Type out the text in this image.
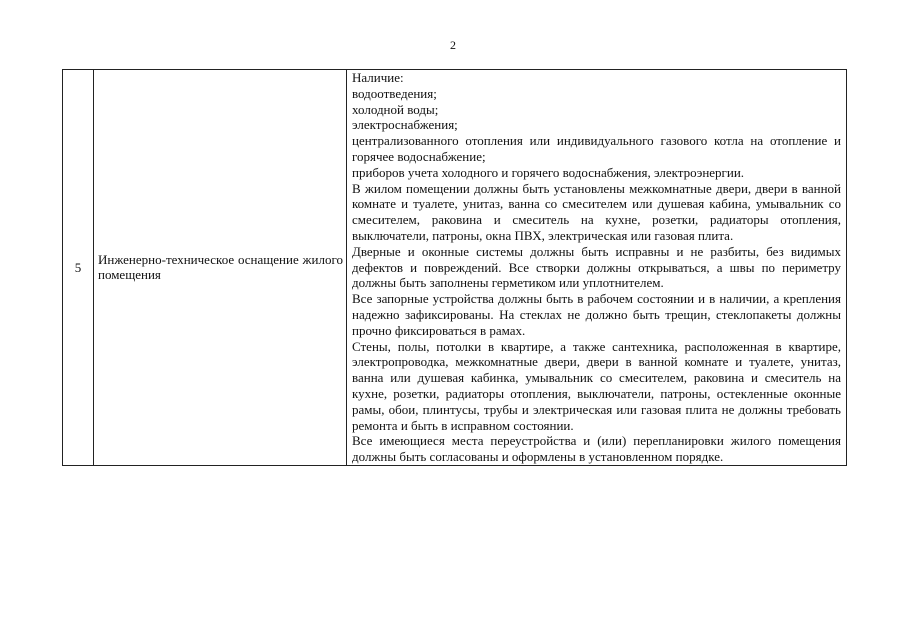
2
5	Инженерно-техническое оснащение жилого помещения	
Наличие:
водоотведения;
холодной воды;
электроснабжения;
централизованного отопления или индивидуального газового котла на отопление и горячее водоснабжение;
приборов учета холодного и горячего водоснабжения, электроэнергии.
В жилом помещении должны быть установлены межкомнатные двери, двери в ванной комнате и туалете, унитаз, ванна со смесителем или душевая кабина, умывальник со смесителем, раковина и смеситель на кухне, розетки, радиаторы отопления, выключатели, патроны, окна ПВХ, электрическая или газовая плита.
Дверные и оконные системы должны быть исправны и не разбиты, без видимых дефектов и повреждений. Все створки должны открываться, а швы по периметру должны быть заполнены герметиком или уплотнителем.
Все запорные устройства должны быть в рабочем состоянии и в наличии, а крепления надежно зафиксированы. На стеклах не должно быть трещин, стеклопакеты должны прочно фиксироваться в рамах.
Стены, полы, потолки в квартире, а также сантехника, расположенная в квартире, электропроводка, межкомнатные двери, двери в ванной комнате и туалете, унитаз, ванна или душевая кабинка, умывальник со смесителем, раковина и смеситель на кухне, розетки, радиаторы отопления, выключатели, патроны, остекленные оконные рамы, обои, плинтусы, трубы и электрическая или газовая плита не должны требовать ремонта и быть в исправном состоянии.
Все имеющиеся места переустройства и (или) перепланировки жилого помещения должны быть согласованы и оформлены в установленном порядке.
